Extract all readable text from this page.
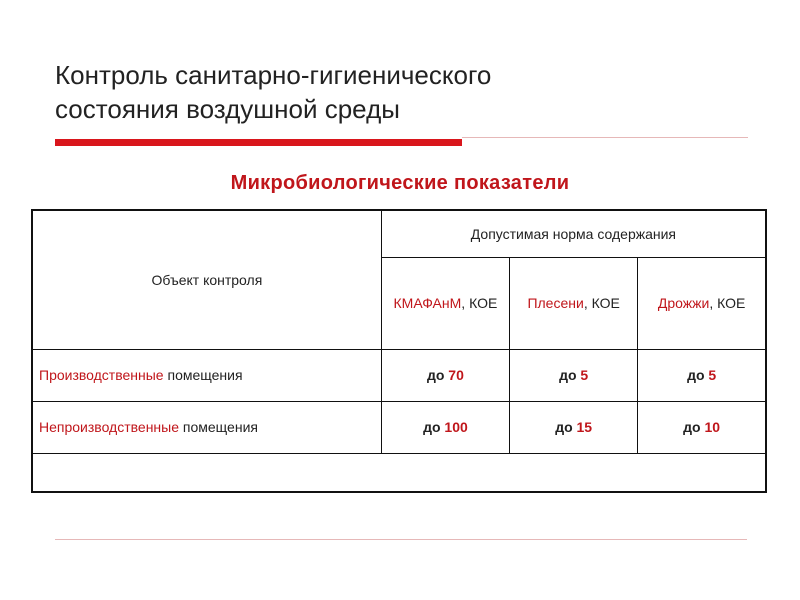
Контроль санитарно-гигиенического
состояния воздушной среды
Микробиологические показатели
Объект контроля	Допустимая норма содержания		
	КМАФАнМ, КОЕ	Плесени, КОЕ	Дрожжи, КОЕ
Производственные помещения	до 70	до 5	до 5
Непроизводственные помещения	до 100	до 15	до 10
